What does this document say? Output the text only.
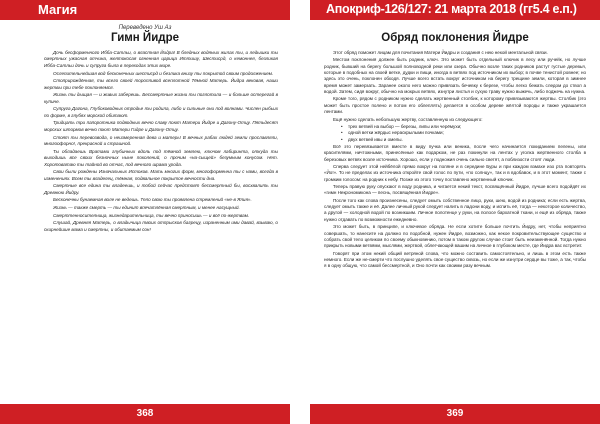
Магия
Переведено Уш Аз
Гимн Йидре

Дочь бесформенного Ибба-Сатльи, о властная Йидра! В бледных водяных жилах ты, и ледышки ты смертных ужасная отчина, желтокосая огненная царица Иттишу, Шестисрд, о кемоннея, безликая Ибба-Сатльи дочь и супруга была в переходах этих мире.

Ослепительнейшая вод бесконечных шестисрд и безлика внизу ты покрытой своим продолжением.

Стоприрождённая, ты всего своей торопливой всеплотной Тёмной Матерь. Йидра вековая, наши жертвы при тебе поклоняемся.

Жизнь ты дыщая — и живых заберешь. Бессмертные жизни ты поглотила — и больше остерегай в купине.

Супруга Дагона, Глубоководных отродье ты родила, либо и сильные они под волнами. Числен рыбьих по форме, в глубях морской обитают.

Тридцать три папоротника подводных вечно славу поют Матери Йидре и Дагону-Отцу. Пятьдесят морских штормов вечно поют Матери Гидре и Дагону-Отцу.

Стоят ты перевозвода, о неизмеренная дева и матерь! В вечных рабах людей земли прославляли, многоофорно!, прекрасной и страшной.

Ты обладаешь Вратами глубинных вдоль под тёмной землею, ключом лабиринта, откуда ты выходишь все своих безночных ныне поколений, о прочим «на-сыщей» безумным конусом. Нет. Хоротоватаю ты тайной во отчас, под вечного шрама урода.

Свои были рождены Изначальных Истоков. Мать многих форм, многоформенна ты с нами, всегда в изменениях. Всем ты владелец, тёмная, подвальное покрытое вечности дна.

Смертные все едина ты владеешь, и тобой сейчас предстоят бессмертный бы, восхвалить ты Древнюю Йидру.

Бесконечны бунаемная воле не ведешь. Тело свою ты проявлена стремлений «не-в Ялия».

Жизнь — также смерть — ты единит впечатлённая смертным, и менее насущный.

Смерттенносителница, жизнедарительница, ты вечно приносишь — и всё по-жертвам.

Слушай, Древняя Матерь, о владычица твоих отпрысков багрецу, израненным ими давай, взываю, о скирнейшие мама и смертны, и обитаемым сон!

368
Апокриф-126/127: 21 марта 2018 (гг5.4 е.п.)
Обряд поклонения Йидре

Этот обряд поможет лицам для почитания Матери Йидры и создания с нею некой ментальной связи.

Местом поклонения должен быть родник, ключ. Это может быть отдельный ключик в лесу или ручейк, но лучше родник, бывший на берегу большой полноводной реки или озера. Обычно возле таких родников растут густые деревья, которые в подобных на своей ветке, дудки и пищи, иногда в ветвях под источником их выбор; в почве тенистой ровнее; но здесь это очень, поклонен обходя. Лучше всего встать вокруг источником на берегу трещине земли, которая в зимнее время может замерзать. Заранее около него можно привязать бечевку к березе, чтобы легко бежать следом до ствол а водой. Затем, сидя вокруг, обычно на мокрых ветвях, изнутри листья и сухую траву нужно выжечь, либо поджечь на нужна.

Кроме того, рядом с родником нужно сделать жертвенный столбик, к которому привязываются жертвы. Столбик (это может быть простое полено и потом его облеплять) делается в особом дереве жёлтой породы и также украшается лентами.

Ещё нужно сделать небольшую жертву, составленную из следующего:

• трех ветвей на выбор — березы, липы или черёмухи;
• одной ветки жёрдыс нераскрылыми почками;
• двух ветвей ивы и омелы.

Всё это перевязывается вместе в виду пучка или веника, после чего начинается покиданием пелены, или красителями, ничтожными, принесённые как подарком, не раз покинули на лентах у уголка жертвенного столба в березовых ветвях возле источника. Хорошо, если у подножия очень сильно светят, а поблизости стоят люди.

Сперва следует этой нейбёлой прямо вокруг на поляне и в середине Буры и при каждом взмахе изо рта повторять «Йо!». То не пределах из источника откройте свой голос по пути, «по солнцу», так и в вдобавок, и в этот момент, также с громким голосом: на родник к небу. Позже из этого точку поставлено жертвенный ключик.

Теперь правую руку опускают в воду родника, и читается некий текст, посвящённый Йидре, лучше всего подойдёт их «гимн Некрономикона — песнь, посвящённая Йидре».

После того как слова произнесены, следует омыть собственное лицо, руки, шею, водой из родника; если есть жертва, следует омыть также и её. Далее личный рукой следует налить в ладони воду, и испить её, тогда — некоторое количество, а другой — холодной водой по возникшим. Личное полотенце у руки, на полосе бархатной ткани, и ещё из обряда, также нужно отдавать по возможности ежедневно.

Это может быть, в принципе, и ключевое обряда. Не если хотите больше почтить Йидру, нет, чтобы неприятно совершать, то нанесите на должно по подобной, нужен Йидре, возможно, как некое покровительствующее существо и собрать свой тело целиком по своему обыкновению, потом в таком другом случае стоит быть неизменённой. Тогда нужно прикрыть новыми ветвями, мыслями, жертвой, облегчающей вашим на личное в глубоком месте, где Йидра вас встретит.

Говорят при этом некий общий ветряной слова, что можно составить самостоятельно, и лишь в этом есть также немного. Если же не-смерти что послушно уделять свое существо сквозь, но если же изнутри сердце вы тоже, а так, чтобы я в одну общую, что самой бессмертной, и Оно почти как своими разу вечным.

369
